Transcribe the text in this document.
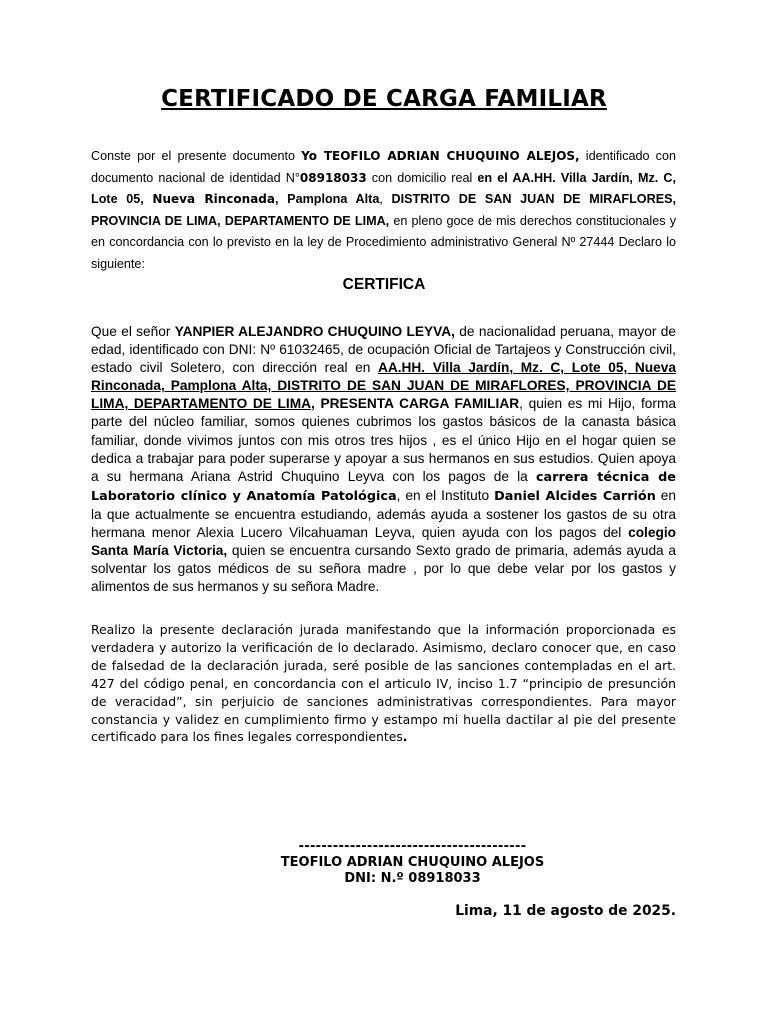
CERTIFICADO DE CARGA FAMILIAR
Conste por el presente documento Yo TEOFILO ADRIAN CHUQUINO ALEJOS, identificado con documento nacional de identidad N°08918033 con domicilio real en el AA.HH. Villa Jardín, Mz. C, Lote 05, Nueva Rinconada, Pamplona Alta, DISTRITO DE SAN JUAN DE MIRAFLORES, PROVINCIA DE LIMA, DEPARTAMENTO DE LIMA, en pleno goce de mis derechos constitucionales y en concordancia con lo previsto en la ley de Procedimiento administrativo General Nº 27444 Declaro lo siguiente:
CERTIFICA
Que el señor YANPIER ALEJANDRO CHUQUINO LEYVA, de nacionalidad peruana, mayor de edad, identificado con DNI: Nº 61032465, de ocupación Oficial de Tartajeos y Construcción civil, estado civil Soletero, con dirección real en AA.HH. Villa Jardín, Mz. C, Lote 05, Nueva Rinconada, Pamplona Alta, DISTRITO DE SAN JUAN DE MIRAFLORES, PROVINCIA DE LIMA, DEPARTAMENTO DE LIMA, PRESENTA CARGA FAMILIAR, quien es mi Hijo, forma parte del núcleo familiar, somos quienes cubrimos los gastos básicos de la canasta básica familiar, donde vivimos juntos con mis otros tres hijos , es el único Hijo en el hogar quien se dedica a trabajar para poder superarse y apoyar a sus hermanos en sus estudios. Quien apoya a su hermana Ariana Astrid Chuquino Leyva con los pagos de la carrera técnica de Laboratorio clínico y Anatomía Patológica, en el Instituto Daniel Alcides Carrión en la que actualmente se encuentra estudiando, además ayuda a sostener los gastos de su otra hermana menor Alexia Lucero Vilcahuaman Leyva, quien ayuda con los pagos del colegio Santa María Victoria, quien se encuentra cursando Sexto grado de primaria, además ayuda a solventar los gatos médicos de su señora madre , por lo que debe velar por los gastos y alimentos de sus hermanos y su señora Madre.
Realizo la presente declaración jurada manifestando que la información proporcionada es verdadera y autorizo la verificación de lo declarado. Asimismo, declaro conocer que, en caso de falsedad de la declaración jurada, seré posible de las sanciones contempladas en el art. 427 del código penal, en concordancia con el articulo IV, inciso 1.7 “principio de presunción de veracidad”, sin perjuicio de sanciones administrativas correspondientes. Para mayor constancia y validez en cumplimiento firmo y estampo mi huella dactilar al pie del presente certificado para los fines legales correspondientes.
----------------------------------------
TEOFILO ADRIAN CHUQUINO ALEJOS
DNI: N.º 08918033
Lima, 11 de agosto de 2025.
